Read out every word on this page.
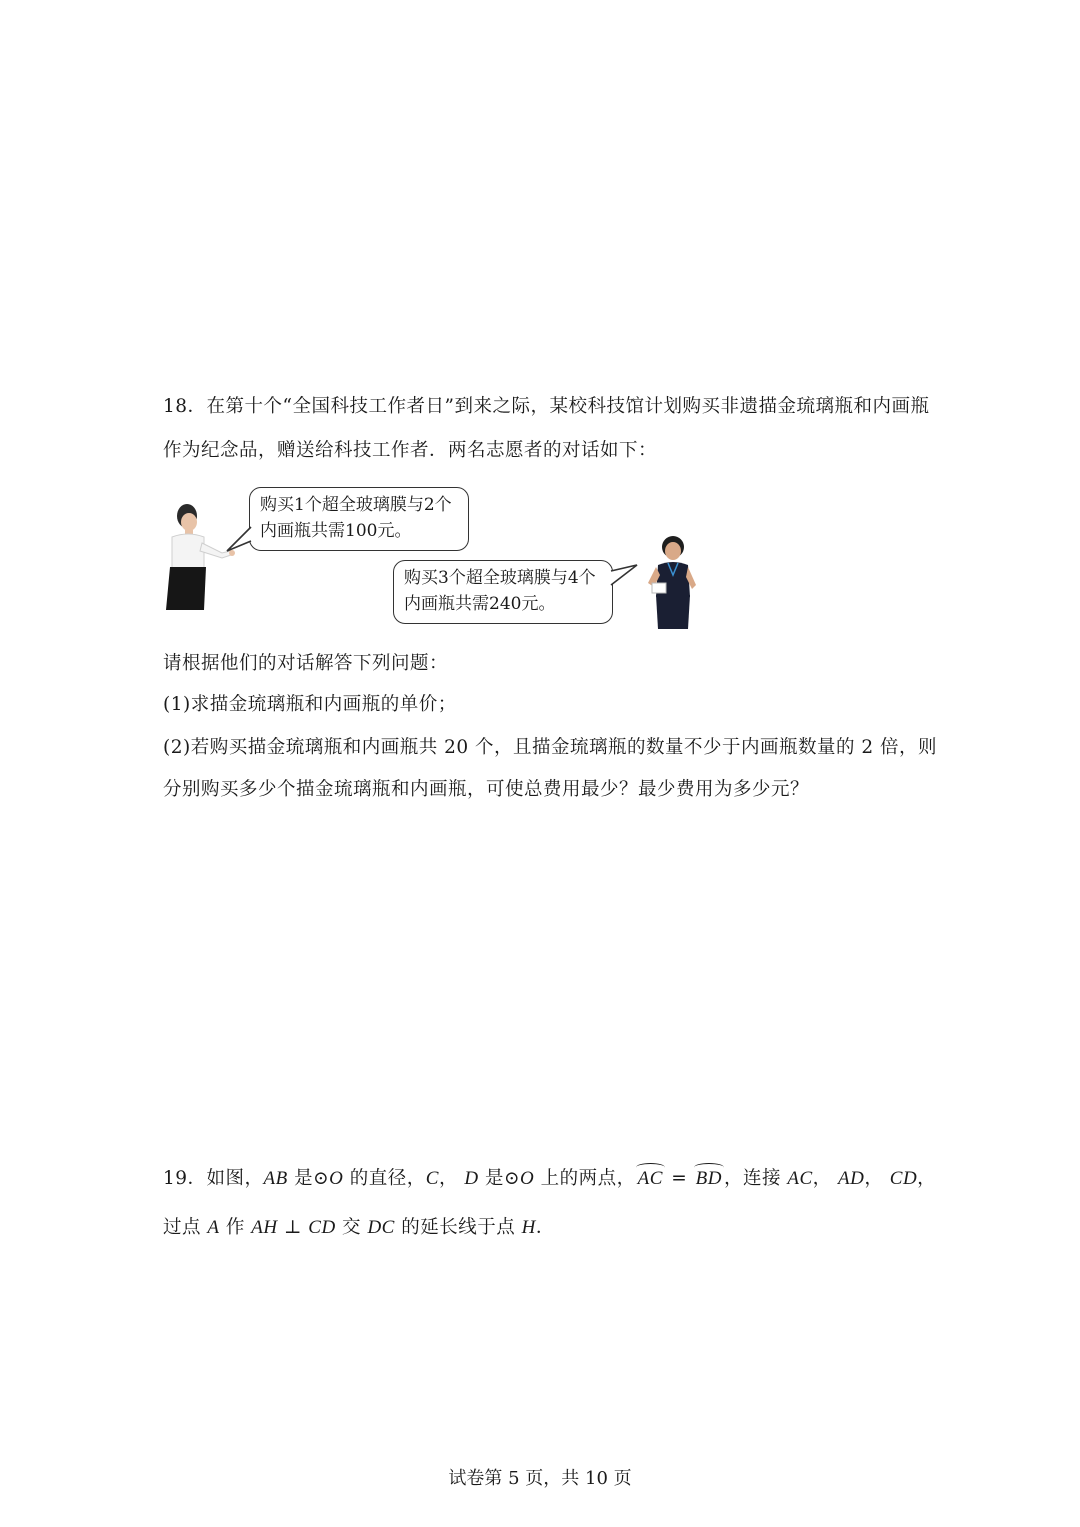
18．在第十个“全国科技工作者日”到来之际，某校科技馆计划购买非遗描金琉璃瓶和内画瓶
作为纪念品，赠送给科技工作者．两名志愿者的对话如下：
购买1个超全玻璃膜与2个
内画瓶共需100元。
购买3个超全玻璃膜与4个
内画瓶共需240元。
请根据他们的对话解答下列问题：
(1)求描金琉璃瓶和内画瓶的单价；
(2)若购买描金琉璃瓶和内画瓶共 20 个，且描金琉璃瓶的数量不少于内画瓶数量的 2 倍，则
分别购买多少个描金琉璃瓶和内画瓶，可使总费用最少？最少费用为多少元？
19．如图，AB 是⊙O 的直径，C， D 是⊙O 上的两点， AC = BD ，连接 AC， AD， CD，
过点 A 作 AH ⊥ CD 交 DC 的延长线于点 H．
试卷第 5 页，共 10 页
